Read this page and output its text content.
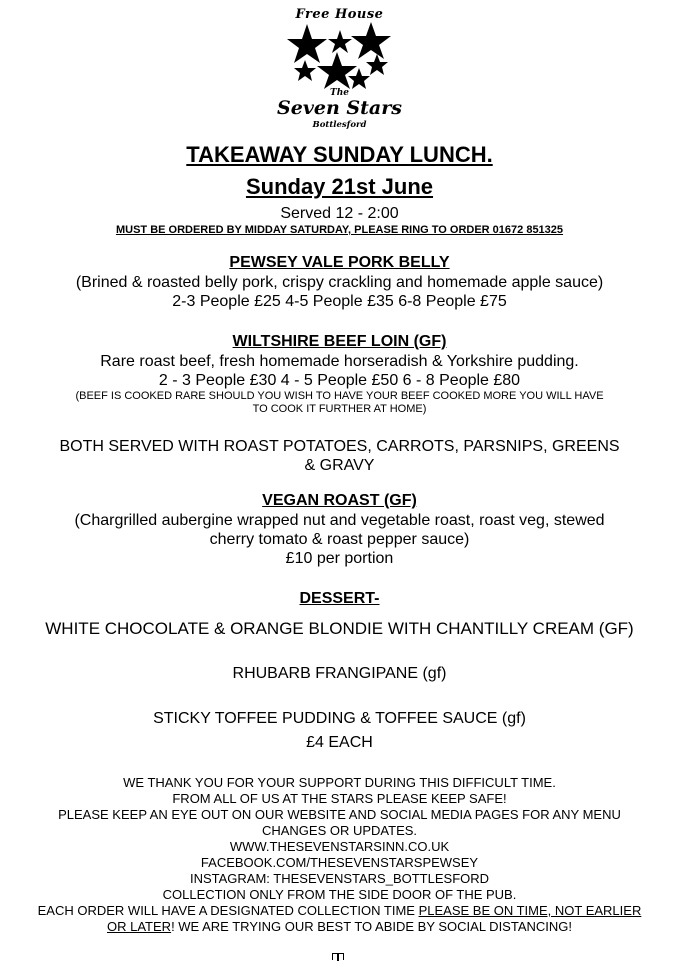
Free House
The
Seven Stars
Bottlesford
TAKEAWAY SUNDAY LUNCH.
Sunday 21st June
Served 12 - 2:00
MUST BE ORDERED BY MIDDAY SATURDAY, PLEASE RING TO ORDER 01672 851325
PEWSEY VALE PORK BELLY
(Brined & roasted belly pork, crispy crackling and homemade apple sauce)
2-3 People £25 4-5 People £35 6-8 People £75
WILTSHIRE BEEF LOIN (GF)
Rare roast beef, fresh homemade horseradish & Yorkshire pudding.
2 - 3 People £30 4 - 5 People £50 6 - 8 People £80
(BEEF IS COOKED RARE SHOULD YOU WISH TO HAVE YOUR BEEF COOKED MORE YOU WILL HAVE
TO COOK IT FURTHER AT HOME)
BOTH SERVED WITH ROAST POTATOES, CARROTS, PARSNIPS, GREENS
& GRAVY
VEGAN ROAST (GF)
(Chargrilled aubergine wrapped nut and vegetable roast, roast veg, stewed
cherry tomato & roast pepper sauce)
£10 per portion
DESSERT-
WHITE CHOCOLATE & ORANGE BLONDIE WITH CHANTILLY CREAM (GF)
RHUBARB FRANGIPANE (gf)
STICKY TOFFEE PUDDING & TOFFEE SAUCE (gf)
£4 EACH
WE THANK YOU FOR YOUR SUPPORT DURING THIS DIFFICULT TIME.
FROM ALL OF US AT THE STARS PLEASE KEEP SAFE!
PLEASE KEEP AN EYE OUT ON OUR WEBSITE AND SOCIAL MEDIA PAGES FOR ANY MENU
CHANGES OR UPDATES.
WWW.THESEVENSTARSINN.CO.UK
FACEBOOK.COM/THESEVENSTARSPEWSEY
INSTAGRAM: THESEVENSTARS_BOTTLESFORD
COLLECTION ONLY FROM THE SIDE DOOR OF THE PUB.
EACH ORDER WILL HAVE A DESIGNATED COLLECTION TIME PLEASE BE ON TIME, NOT EARLIER
OR LATER! WE ARE TRYING OUR BEST TO ABIDE BY SOCIAL DISTANCING!
